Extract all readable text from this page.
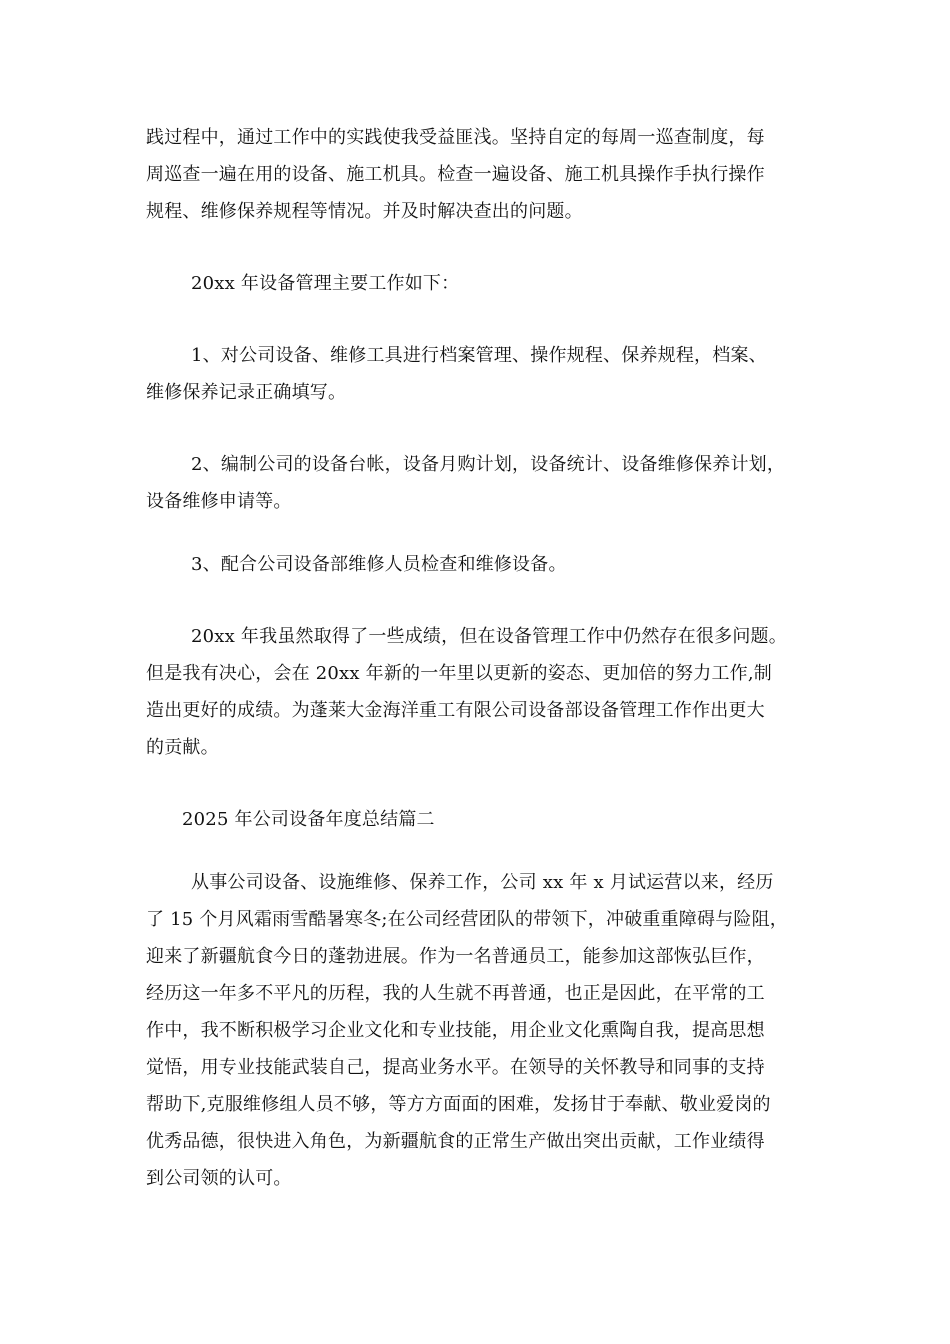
践过程中，通过工作中的实践使我受益匪浅。坚持自定的每周一巡查制度，每
周巡查一遍在用的设备、施工机具。检查一遍设备、施工机具操作手执行操作
规程、维修保养规程等情况。并及时解决查出的问题。
20xx 年设备管理主要工作如下：
1、对公司设备、维修工具进行档案管理、操作规程、保养规程，档案、
维修保养记录正确填写。
2、编制公司的设备台帐，设备月购计划，设备统计、设备维修保养计划，
设备维修申请等。
3、配合公司设备部维修人员检查和维修设备。
20xx 年我虽然取得了一些成绩，但在设备管理工作中仍然存在很多问题。
但是我有决心，会在 20xx 年新的一年里以更新的姿态、更加倍的努力工作,制
造出更好的成绩。为蓬莱大金海洋重工有限公司设备部设备管理工作作出更大
的贡献。
2025 年公司设备年度总结篇二
从事公司设备、设施维修、保养工作，公司 xx 年 x 月试运营以来，经历
了 15 个月风霜雨雪酷暑寒冬;在公司经营团队的带领下，冲破重重障碍与险阻，
迎来了新疆航食今日的蓬勃进展。作为一名普通员工，能参加这部恢弘巨作，
经历这一年多不平凡的历程，我的人生就不再普通，也正是因此，在平常的工
作中，我不断积极学习企业文化和专业技能，用企业文化熏陶自我，提高思想
觉悟，用专业技能武装自己，提高业务水平。在领导的关怀教导和同事的支持
帮助下,克服维修组人员不够，等方方面面的困难，发扬甘于奉献、敬业爱岗的
优秀品德，很快进入角色，为新疆航食的正常生产做出突出贡献，工作业绩得
到公司领的认可。
